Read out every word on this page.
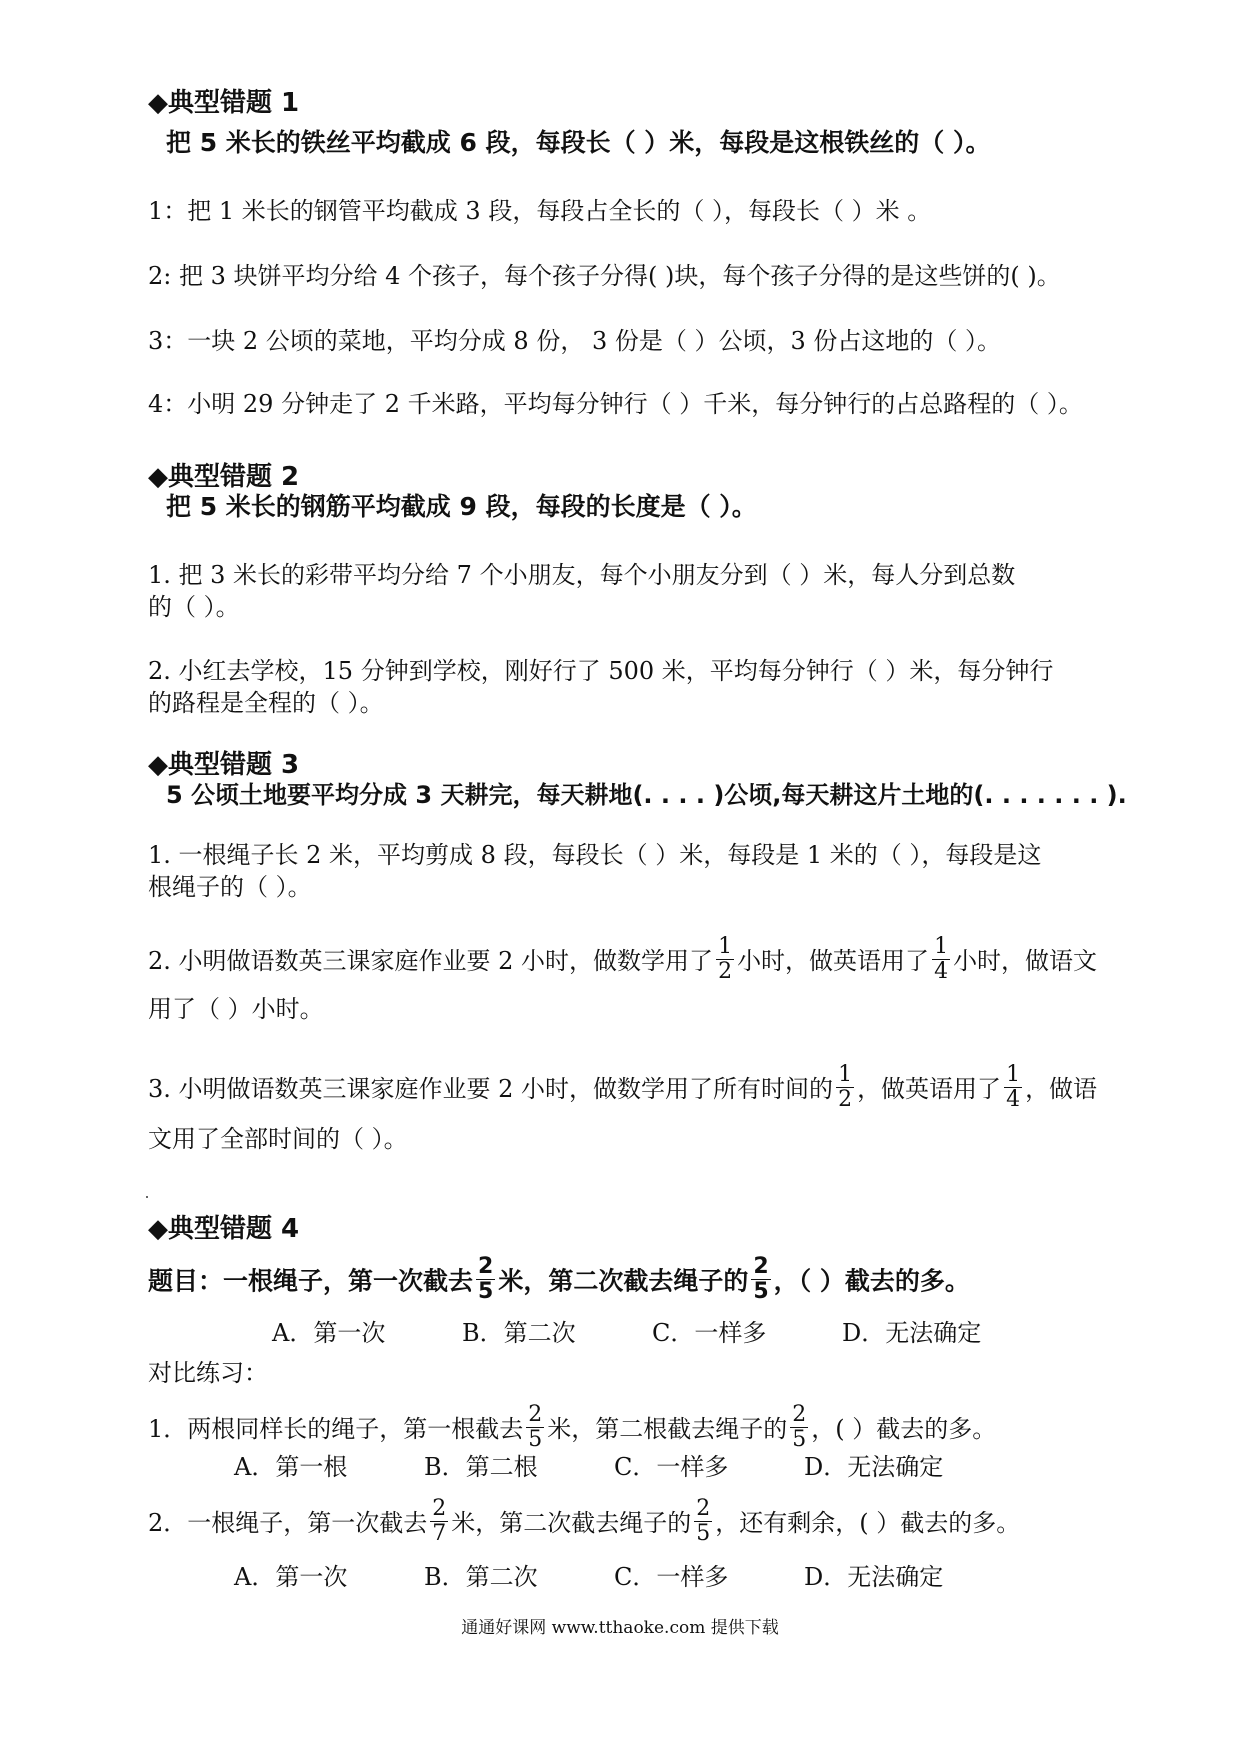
◆典型错题 1
把 5 米长的铁丝平均截成 6 段，每段长（ ）米，每段是这根铁丝的（ ）。
1：把 1 米长的钢管平均截成 3 段，每段占全长的（ ），每段长（ ）米 。
2: 把 3 块饼平均分给 4 个孩子，每个孩子分得( )块，每个孩子分得的是这些饼的( )。
3：一块 2 公顷的菜地，平均分成 8 份， 3 份是（ ）公顷，3 份占这地的（ ）。
4：小明 29 分钟走了 2 千米路，平均每分钟行（ ）千米，每分钟行的占总路程的（ ）。
◆典型错题 2
把 5 米长的钢筋平均截成 9 段，每段的长度是（ ）。
1. 把 3 米长的彩带平均分给 7 个小朋友，每个小朋友分到（ ）米，每人分到总数
的（ ）。
2. 小红去学校，15 分钟到学校，刚好行了 500 米，平均每分钟行（ ）米，每分钟行
的路程是全程的（ ）。
◆典型错题 3
5 公顷土地要平均分成 3 天耕完，每天耕地(. . . . )公顷,每天耕这片土地的(. . . . . . . ).
1. 一根绳子长 2 米，平均剪成 8 段，每段长（ ）米，每段是 1 米的（ ），每段是这
根绳子的（ ）。
2. 小明做语数英三课家庭作业要 2 小时，做数学用了 $\frac{1}{2}$ 小时，做英语用了 $\frac{1}{4}$ 小时，做语文
用了（ ）小时。
3. 小明做语数英三课家庭作业要 2 小时，做数学用了所有时间的 $\frac{1}{2}$ ，做英语用了 $\frac{1}{4}$ ，做语
文用了全部时间的（ ）。
◆典型错题 4
题目：一根绳子，第一次截去 $\frac{2}{5}$ 米，第二次截去绳子的 $\frac{2}{5}$ ，（ ）截去的多。
A．第一次	B．第二次	C．一样多	D．无法确定
对比练习：
1．两根同样长的绳子，第一根截去 $\frac{2}{5}$ 米，第二根截去绳子的 $\frac{2}{5}$ ，( ）截去的多。
A．第一根	B．第二根	C．一样多	D．无法确定
2．一根绳子，第一次截去 $\frac{2}{7}$ 米，第二次截去绳子的 $\frac{2}{5}$ ，还有剩余，( ）截去的多。
A．第一次	B．第二次	C．一样多	D．无法确定
通通好课网 www.tthaoke.com 提供下载
